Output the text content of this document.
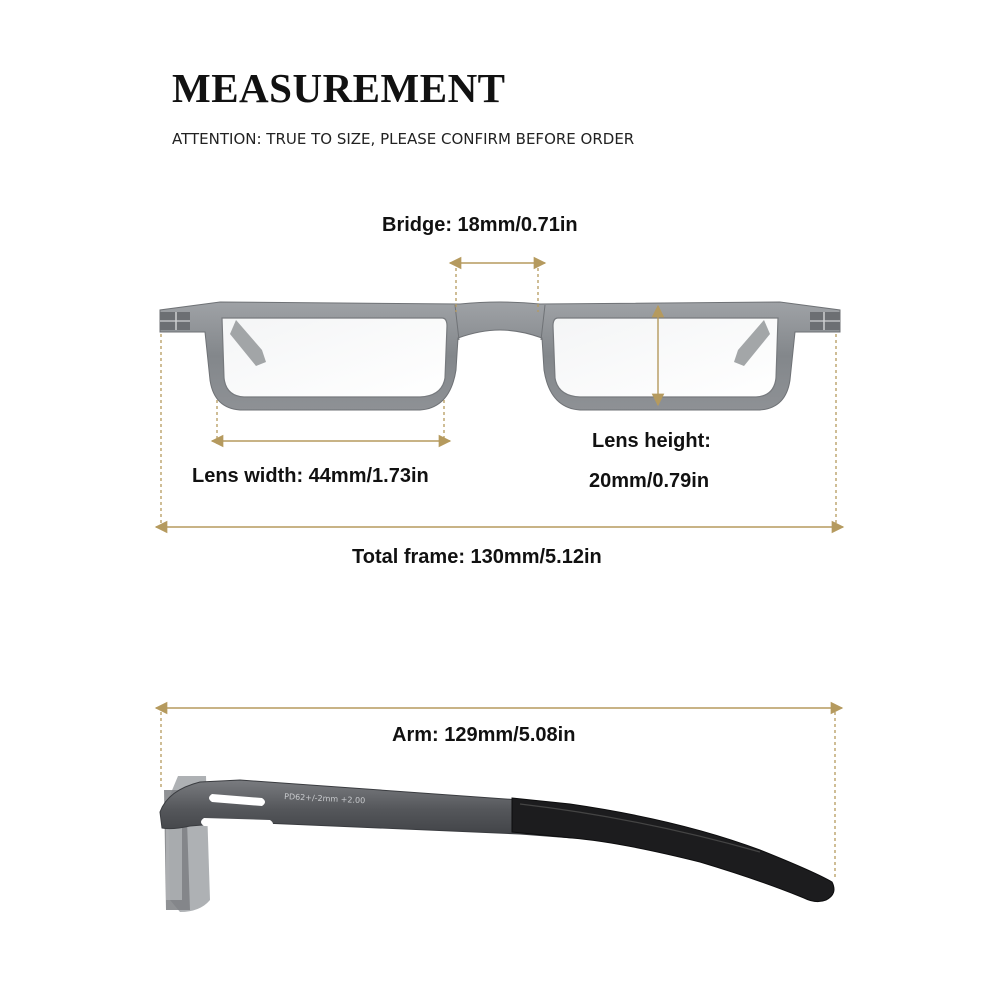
MEASUREMENT
ATTENTION: TRUE TO SIZE, PLEASE CONFIRM BEFORE ORDER
PD62+/-2mm +2.00
Bridge: 18mm/0.71in
Lens width: 44mm/1.73in
Lens height:
20mm/0.79in
Total frame: 130mm/5.12in
Arm: 129mm/5.08in
